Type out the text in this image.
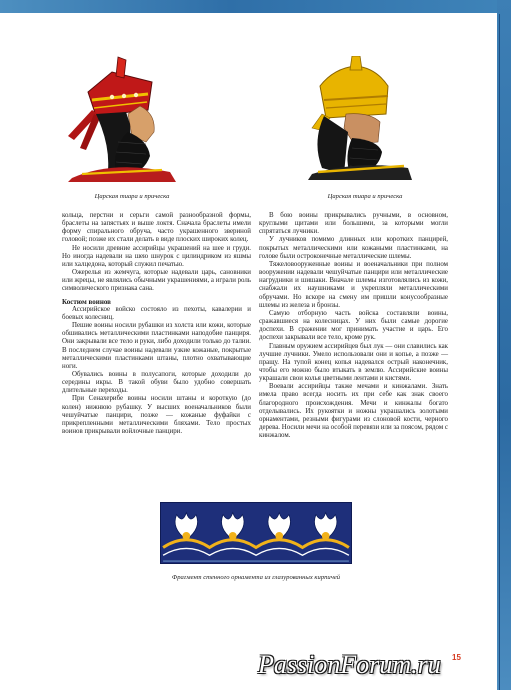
Царская тиара и прическа	Царская тиара и прическа

кольца, перстни и серьги самой разнообразной формы, браслеты на запястьях и выше локтя. Сначала браслеты имели форму спирального обруча, часто украшенного звериной головой; позже их стали делать в виде плоских широких колец.

Не носили древние ассирийцы украшений на шее и груди. Но иногда надевали на шею шнурок с цилиндриком из яшмы или халцедона, который служил печатью.

Ожерелья из жемчуга, которые надевали царь, сановники или жрецы, не являлись обычными украшениями, а играли роль символического признака сана.

Костюм воинов

Ассирийское войско состояло из пехоты, кавалерии и боевых колесниц.

Пешие воины носили рубашки из холста или кожи, которые обшивались металлическими пластинками наподобие панциря. Они закрывали все тело и руки, либо доходили только до талии. В последнем случае воины надевали узкие кожаные, покрытые металлическими пластинками штаны, плотно охватывающие ноги.

Обувались воины в полусапоги, которые доходили до середины икры. В такой обуви было удобно совершать длительные переходы.

При Сенахерибе воины носили штаны и короткую (до колен) нижнюю рубашку. У высших военачальников были чешуйчатые панцири, позже — кожаные фуфайки с прикрепленными металлическими бляхами. Тело простых воинов прикрывали войлочные панцири.

В бою воины прикрывались ручными, в основном, круглыми щитами или большими, за которыми могли спрятаться лучники.

У лучников помимо длинных или коротких панцирей, покрытых металлическими или кожаными пластинками, на голове были остроконечные металлические шлемы.

Тяжеловооруженные воины и военачальники при полном вооружении надевали чешуйчатые панцири или металлические нагрудники и шишаки. Вначале шлемы изготовлялись из кожи, снабжали их наушниками и укрепляли металлическими обручами. Но вскоре на смену им пришли конусообразные шлемы из железа и бронзы.

Самую отборную часть войска составляли воины, сражавшиеся на колесницах. У них были самые дорогие доспехи. В сражении мог принимать участие и царь. Его доспехи закрывали все тело, кроме рук.

Главным оружием ассирийцев был лук — они славились как лучшие лучники. Умело использовали они и копье, а позже — пращу. На тупой конец копья надевался острый наконечник, чтобы его можно было втыкать в землю. Ассирийские воины украшали свои колья цветными лентами и кистями.

Воевали ассирийцы также мечами и кинжалами. Знать имела право всегда носить их при себе как знак своего благородного происхождения. Мечи и кинжалы богато отделывались. Их рукоятки и ножны украшались золотыми орнаментами, резными фигурами из слоновой кости, черного дерева. Носили мечи на особой перевязи или за поясом, рядом с кинжалом.

Фрагмент стенного орнамента из глазурованных кирпичей
PassionForum.ru 15
